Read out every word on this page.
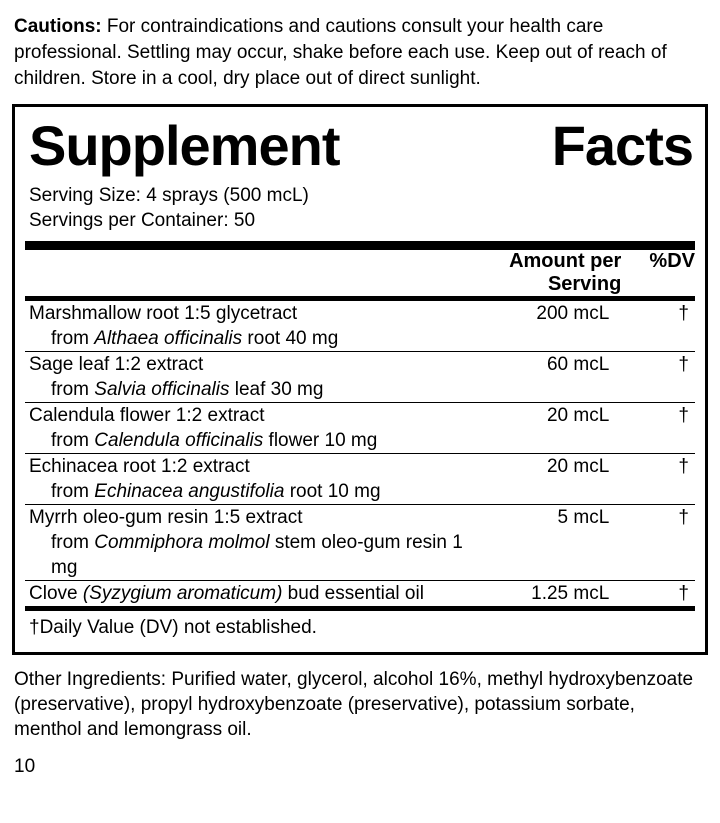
Cautions: For contraindications and cautions consult your health care professional. Settling may occur, shake before each use. Keep out of reach of children. Store in a cool, dry place out of direct sunlight.

Supplement	Facts
Serving Size: 4 sprays (500 mcL)
Servings per Container: 50
	Amount per Serving	%DV
Marshmallow root 1:5 glycetract
from Althaea officinalis root 40 mg	200 mcL	†

Sage leaf 1:2 extract
from Salvia officinalis leaf 30 mg	60 mcL	†

Calendula flower 1:2 extract
from Calendula officinalis flower 10 mg	20 mcL	†

Echinacea root 1:2 extract
from Echinacea angustifolia root 10 mg	20 mcL	†

Myrrh oleo-gum resin 1:5 extract
from Commiphora molmol stem oleo-gum resin 1 mg	5 mcL	†

Clove (Syzygium aromaticum) bud essential oil	1.25 mcL	†
†Daily Value (DV) not established.

Other Ingredients: Purified water, glycerol, alcohol 16%, methyl hydroxybenzoate (preservative), propyl hydroxybenzoate (preservative), potassium sorbate, menthol and lemongrass oil.

10
